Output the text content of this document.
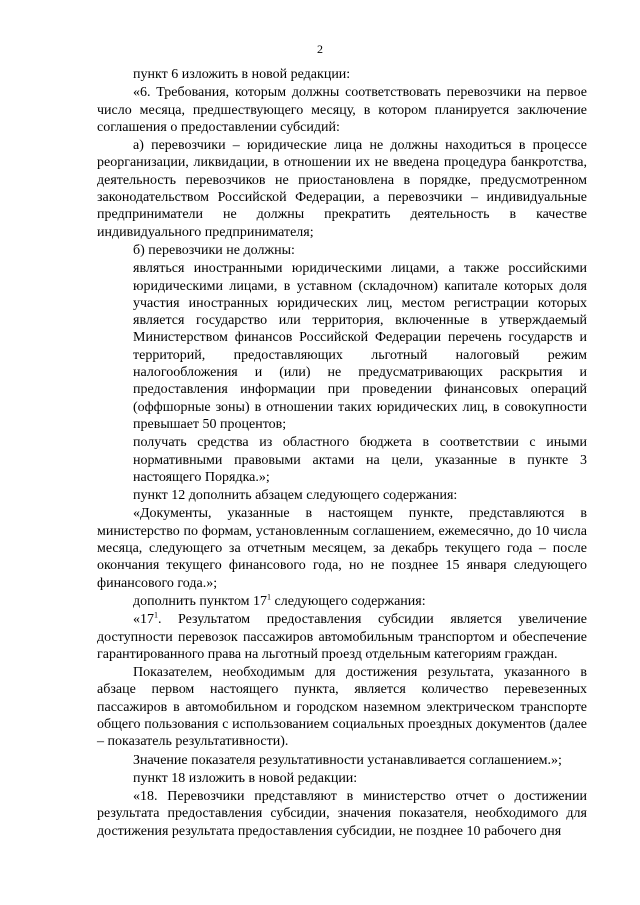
2

пункт 6 изложить в новой редакции:

«6. Требования, которым должны соответствовать перевозчики на первое число месяца, предшествующего месяцу, в котором планируется заключение соглашения о предоставлении субсидий:

а) перевозчики – юридические лица не должны находиться в процессе реорганизации, ликвидации, в отношении их не введена процедура банкротства, деятельность перевозчиков не приостановлена в порядке, предусмотренном законодательством Российской Федерации, а перевозчики – индивидуальные предприниматели не должны прекратить деятельность в качестве индивидуального предпринимателя;

б) перевозчики не должны:

являться иностранными юридическими лицами, а также российскими юридическими лицами, в уставном (складочном) капитале которых доля участия иностранных юридических лиц, местом регистрации которых является государство или территория, включенные в утверждаемый Министерством финансов Российской Федерации перечень государств и территорий, предоставляющих льготный налоговый режим налогообложения и (или) не предусматривающих раскрытия и предоставления информации при проведении финансовых операций (оффшорные зоны) в отношении таких юридических лиц, в совокупности превышает 50 процентов;

получать средства из областного бюджета в соответствии с иными нормативными правовыми актами на цели, указанные в пункте 3 настоящего Порядка.»;

пункт 12 дополнить абзацем следующего содержания:

«Документы, указанные в настоящем пункте, представляются в министерство по формам, установленным соглашением, ежемесячно, до 10 числа месяца, следующего за отчетным месяцем, за декабрь текущего года – после окончания текущего финансового года, но не позднее 15 января следующего финансового года.»;

дополнить пунктом $17^1$ следующего содержания:

«$17^1$. Результатом предоставления субсидии является увеличение доступности перевозок пассажиров автомобильным транспортом и обеспечение гарантированного права на льготный проезд отдельным категориям граждан.

Показателем, необходимым для достижения результата, указанного в абзаце первом настоящего пункта, является количество перевезенных пассажиров в автомобильном и городском наземном электрическом транспорте общего пользования с использованием социальных проездных документов (далее – показатель результативности).

Значение показателя результативности устанавливается соглашением.»;

пункт 18 изложить в новой редакции:

«18. Перевозчики представляют в министерство отчет о достижении результата предоставления субсидии, значения показателя, необходимого для достижения результата предоставления субсидии, не позднее 10 рабочего дня
